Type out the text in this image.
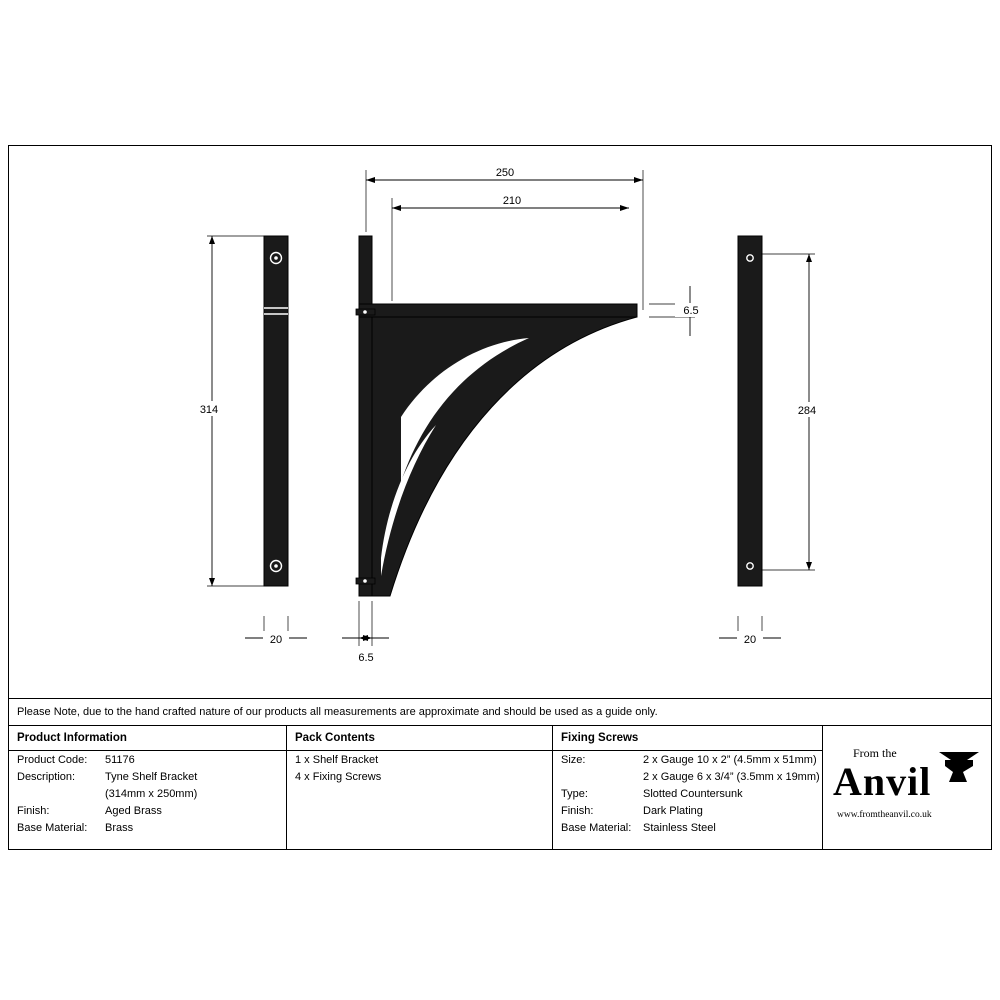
314
20
250
210
6.5
6.5
284
20
Please Note, due to the hand crafted nature of our products all measurements are approximate and should be used as a guide only.
Product Information
Product Code:	51176
Description:	Tyne Shelf Bracket
(314mm x 250mm)
Finish:	Aged Brass
Base Material:	Brass
Pack Contents
1 x Shelf Bracket
4 x Fixing Screws
Fixing Screws
Size:	2 x Gauge 10 x 2” (4.5mm x 51mm)
2 x Gauge 6 x 3/4” (3.5mm x 19mm)
Type:	Slotted Countersunk
Finish:	Dark Plating
Base Material:	Stainless Steel
From the
Anvil
www.fromtheanvil.co.uk
